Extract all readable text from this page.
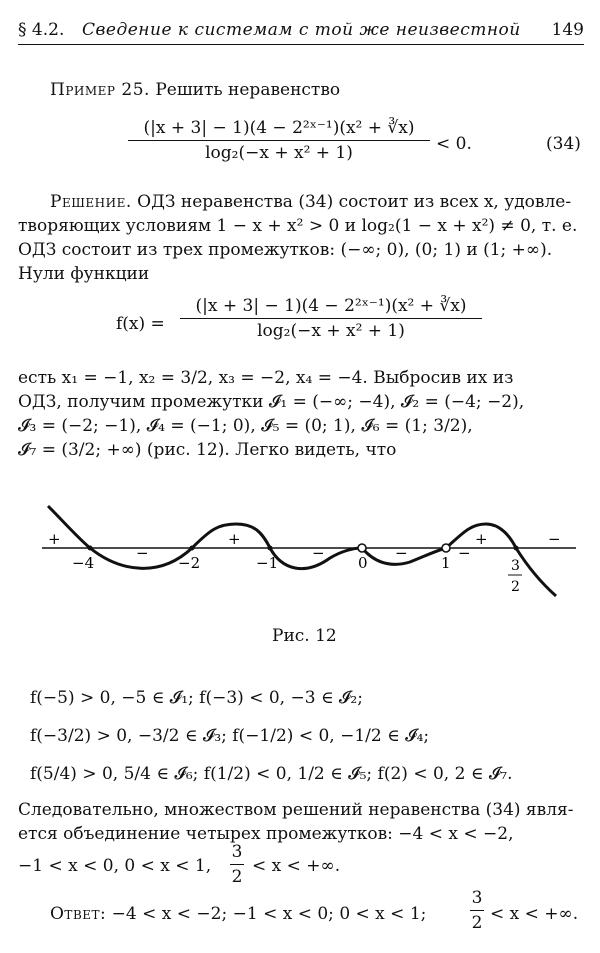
§ 4.2. Сведение к системам с той же неизвестной 149
Пример 25. Решить неравенство
(|x + 3| − 1)(4 − 2²ˣ⁻¹)(x² + ∛x)
log₂(−x + x² + 1)	< 0.	(34)
Решение. ОДЗ неравенства (34) состоит из всех x, удовле-
творяющих условиям 1 − x + x² > 0 и log₂(1 − x + x²) ≠ 0, т. е.
ОДЗ состоит из трех промежутков: (−∞; 0), (0; 1) и (1; +∞).
Нули функции
f(x) =
(|x + 3| − 1)(4 − 2²ˣ⁻¹)(x² + ∛x)
log₂(−x + x² + 1)
есть x₁ = −1, x₂ = 3/2, x₃ = −2, x₄ = −4. Выбросив их из
ОДЗ, получим промежутки 𝓘₁ = (−∞; −4), 𝓘₂ = (−4; −2),
𝓘₃ = (−2; −1), 𝓘₄ = (−1; 0), 𝓘₅ = (0; 1), 𝓘₆ = (1; 3/2),
𝓘₇ = (3/2; +∞) (рис. 12). Легко видеть, что
−4	−2	−1	0	1	3
2
+
−
+
−	−	−
+	−
Рис. 12
f(−5) > 0, −5 ∈ 𝓘₁; f(−3) < 0, −3 ∈ 𝓘₂;
f(−3/2) > 0, −3/2 ∈ 𝓘₃; f(−1/2) < 0, −1/2 ∈ 𝓘₄;
f(5/4) > 0, 5/4 ∈ 𝓘₆; f(1/2) < 0, 1/2 ∈ 𝓘₅; f(2) < 0, 2 ∈ 𝓘₇.
Следовательно, множеством решений неравенства (34) явля-
ется объединение четырех промежутков: −4 < x < −2,
−1 < x < 0, 0 < x < 1,
3
2
< x < +∞.
Ответ: −4 < x < −2; −1 < x < 0; 0 < x < 1;
3
2 < x < +∞.
